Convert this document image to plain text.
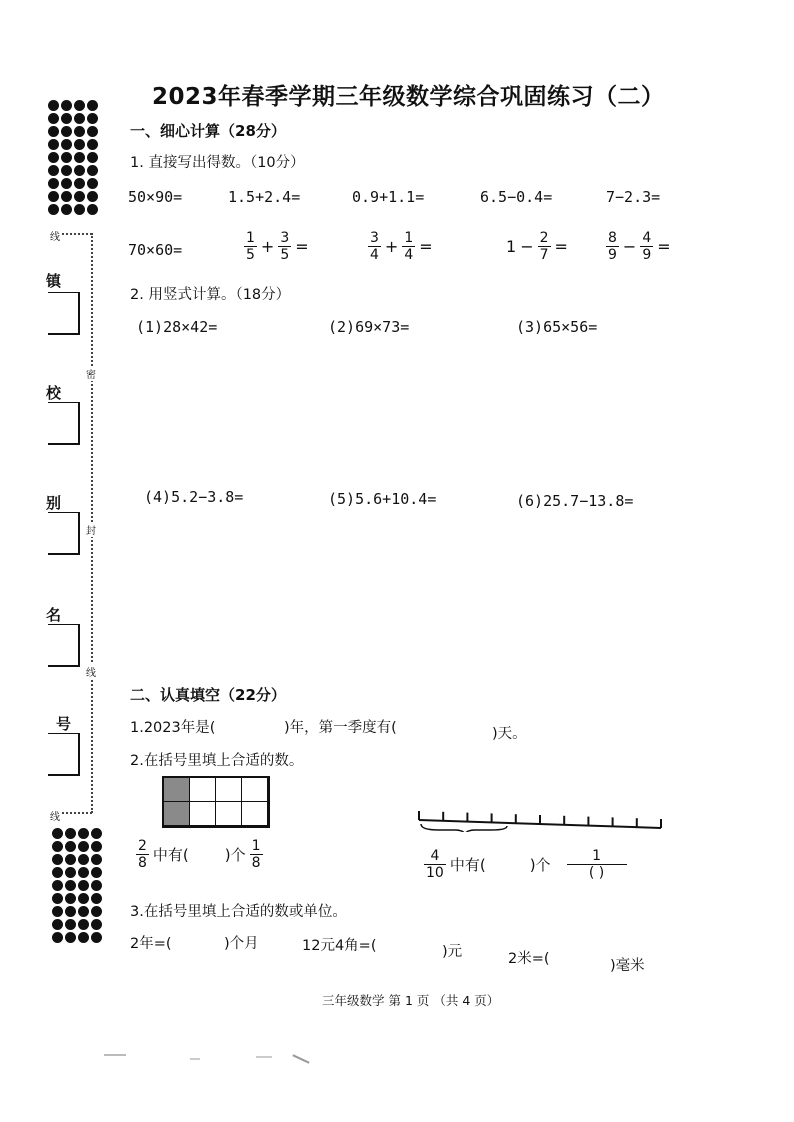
2023年春季学期三年级数学综合巩固练习（二）
线
线
密
封
线
镇
校
别
名
号
一、细心计算（28分）
1. 直接写出得数。（10分）
50×90=	1.5+2.4=	0.9+1.1=	6.5−0.4=	7−2.3=
70×60=	$\frac{1}{5} + \frac{3}{5}$ =	$\frac{3}{4} + \frac{1}{4}$ =	$1 - \frac{2}{7}$ =	$\frac{8}{9} - \frac{4}{9}$ =
2. 用竖式计算。（18分）
(1)28×42=	(2)69×73=	(3)65×56=
(4)5.2−3.8=	(5)5.6+10.4=	(6)25.7−13.8=
二、认真填空（22分）
1.2023年是(	)年，第一季度有(	)天。
2.在括号里填上合适的数。
$\frac{2}{8}$ 中有( )个 $\frac{1}{8}$	$\frac{4}{10}$ 中有(	)个 $\frac{1}{( )}$
3.在括号里填上合适的数或单位。
2年=(	)个月	12元4角=(	)元	2米=(	)毫米
三年级数学 第 1 页 （共 4 页）
